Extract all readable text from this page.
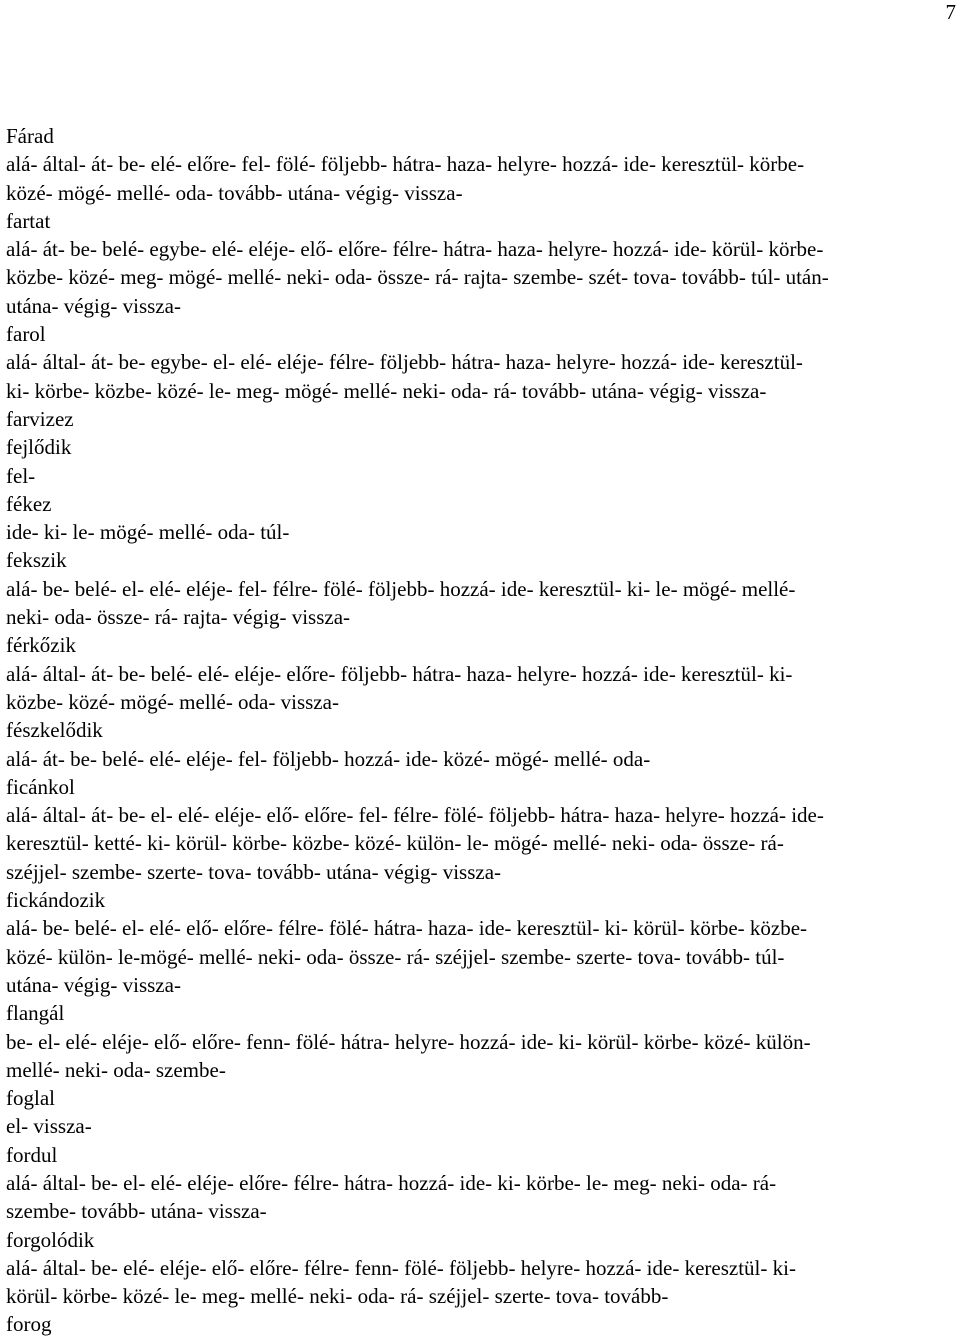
7
Fárad
alá- által- át- be- elé- előre- fel- fölé- följebb- hátra- haza- helyre- hozzá- ide- keresztül- körbe-
közé- mögé- mellé- oda- tovább- utána- végig- vissza-
fartat
alá- át- be- belé- egybe- elé- eléje- elő- előre- félre- hátra- haza- helyre- hozzá- ide- körül- körbe-
közbe- közé- meg- mögé- mellé- neki- oda- össze- rá- rajta- szembe- szét- tova- tovább- túl- után-
utána- végig- vissza-
farol
alá- által- át- be- egybe- el- elé- eléje- félre- följebb- hátra- haza- helyre- hozzá- ide- keresztül-
ki- körbe- közbe- közé- le- meg- mögé- mellé- neki- oda- rá- tovább- utána- végig- vissza-
farvizez
fejlődik
fel-
fékez
ide- ki- le- mögé- mellé- oda- túl-
fekszik
alá- be- belé- el- elé- eléje- fel- félre- fölé- följebb- hozzá- ide- keresztül- ki- le- mögé- mellé-
neki- oda- össze- rá- rajta- végig- vissza-
férkőzik
alá- által- át- be- belé- elé- eléje- előre- följebb- hátra- haza- helyre- hozzá- ide- keresztül- ki-
közbe- közé- mögé- mellé- oda- vissza-
fészkelődik
alá- át- be- belé- elé- eléje- fel- följebb- hozzá- ide- közé- mögé- mellé- oda-
ficánkol
alá- által- át- be- el- elé- eléje- elő- előre- fel- félre- fölé- följebb- hátra- haza- helyre- hozzá- ide-
keresztül- ketté- ki- körül- körbe- közbe- közé- külön- le- mögé- mellé- neki- oda- össze- rá-
széjjel- szembe- szerte- tova- tovább- utána- végig- vissza-
fickándozik
alá- be- belé- el- elé- elő- előre- félre- fölé- hátra- haza- ide- keresztül- ki- körül- körbe- közbe-
közé- külön- le-mögé- mellé- neki- oda- össze- rá- széjjel- szembe- szerte- tova- tovább- túl-
utána- végig- vissza-
flangál
be- el- elé- eléje- elő- előre- fenn- fölé- hátra- helyre- hozzá- ide- ki- körül- körbe- közé- külön-
mellé- neki- oda- szembe-
foglal
el- vissza-
fordul
alá- által- be- el- elé- eléje- előre- félre- hátra- hozzá- ide- ki- körbe- le- meg- neki- oda- rá-
szembe- tovább- utána- vissza-
forgolódik
alá- által- be- elé- eléje- elő- előre- félre- fenn- fölé- följebb- helyre- hozzá- ide- keresztül- ki-
körül- körbe- közé- le- meg- mellé- neki- oda- rá- széjjel- szerte- tova- tovább-
forog
